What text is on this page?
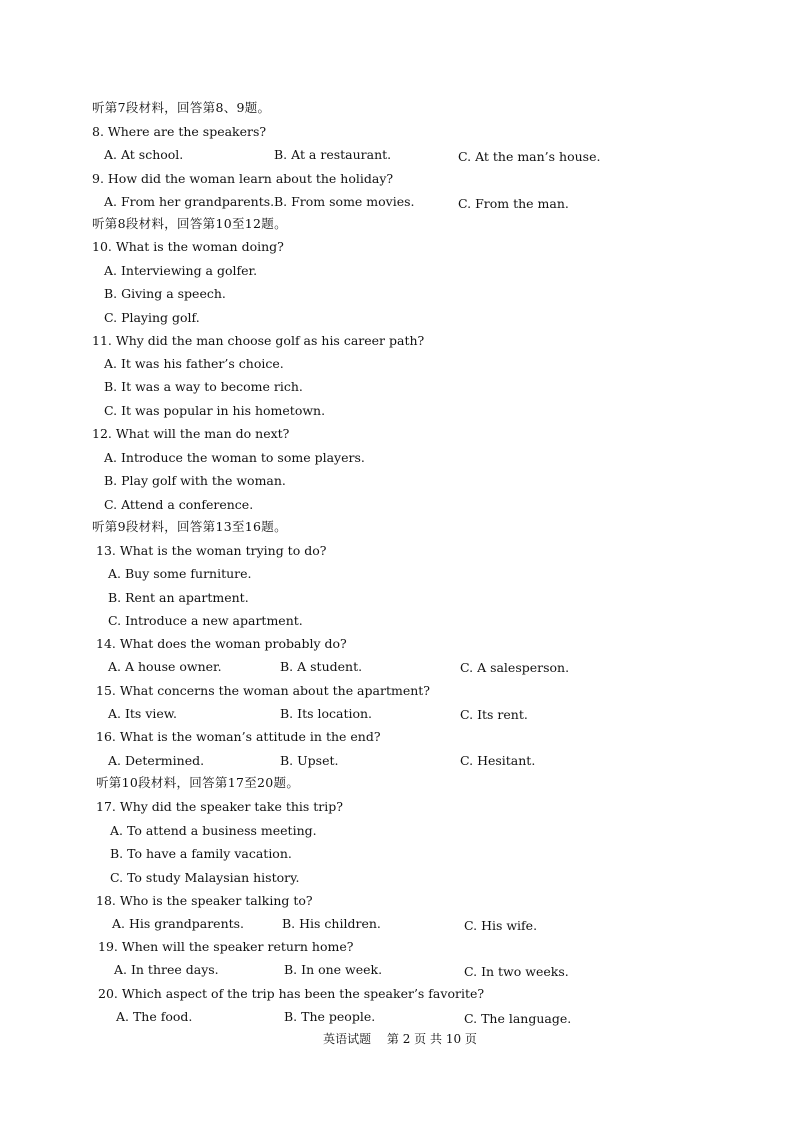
听第7段材料，回答第8、9题。
8. Where are the speakers?
A. At school.	B. At a restaurant.	C. At the man’s house.
9. How did the woman learn about the holiday?
A. From her grandparents. B. From some movies.	C. From the man.
听第8段材料，回答第10至12题。
10. What is the woman doing?
A. Interviewing a golfer.
B. Giving a speech.
C. Playing golf.
11. Why did the man choose golf as his career path?
A. It was his father’s choice.
B. It was a way to become rich.
C. It was popular in his hometown.
12. What will the man do next?
A. Introduce the woman to some players.
B. Play golf with the woman.
C. Attend a conference.
听第9段材料，回答第13至16题。
13. What is the woman trying to do?
A. Buy some furniture.
B. Rent an apartment.
C. Introduce a new apartment.
14. What does the woman probably do?
A. A house owner.	B. A student.	C. A salesperson.
15. What concerns the woman about the apartment?
A. Its view.	B. Its location.	C. Its rent.
16. What is the woman’s attitude in the end?
A. Determined.	B. Upset.	C. Hesitant.
听第10段材料，回答第17至20题。
17. Why did the speaker take this trip?
A. To attend a business meeting.
B. To have a family vacation.
C. To study Malaysian history.
18. Who is the speaker talking to?
A. His grandparents.	B. His children.	C. His wife.
19. When will the speaker return home?
A. In three days.	B. In one week.	C. In two weeks.
20. Which aspect of the trip has been the speaker’s favorite?
A. The food.	B. The people.	C. The language.
英语试题 第 2 页 共 10 页
